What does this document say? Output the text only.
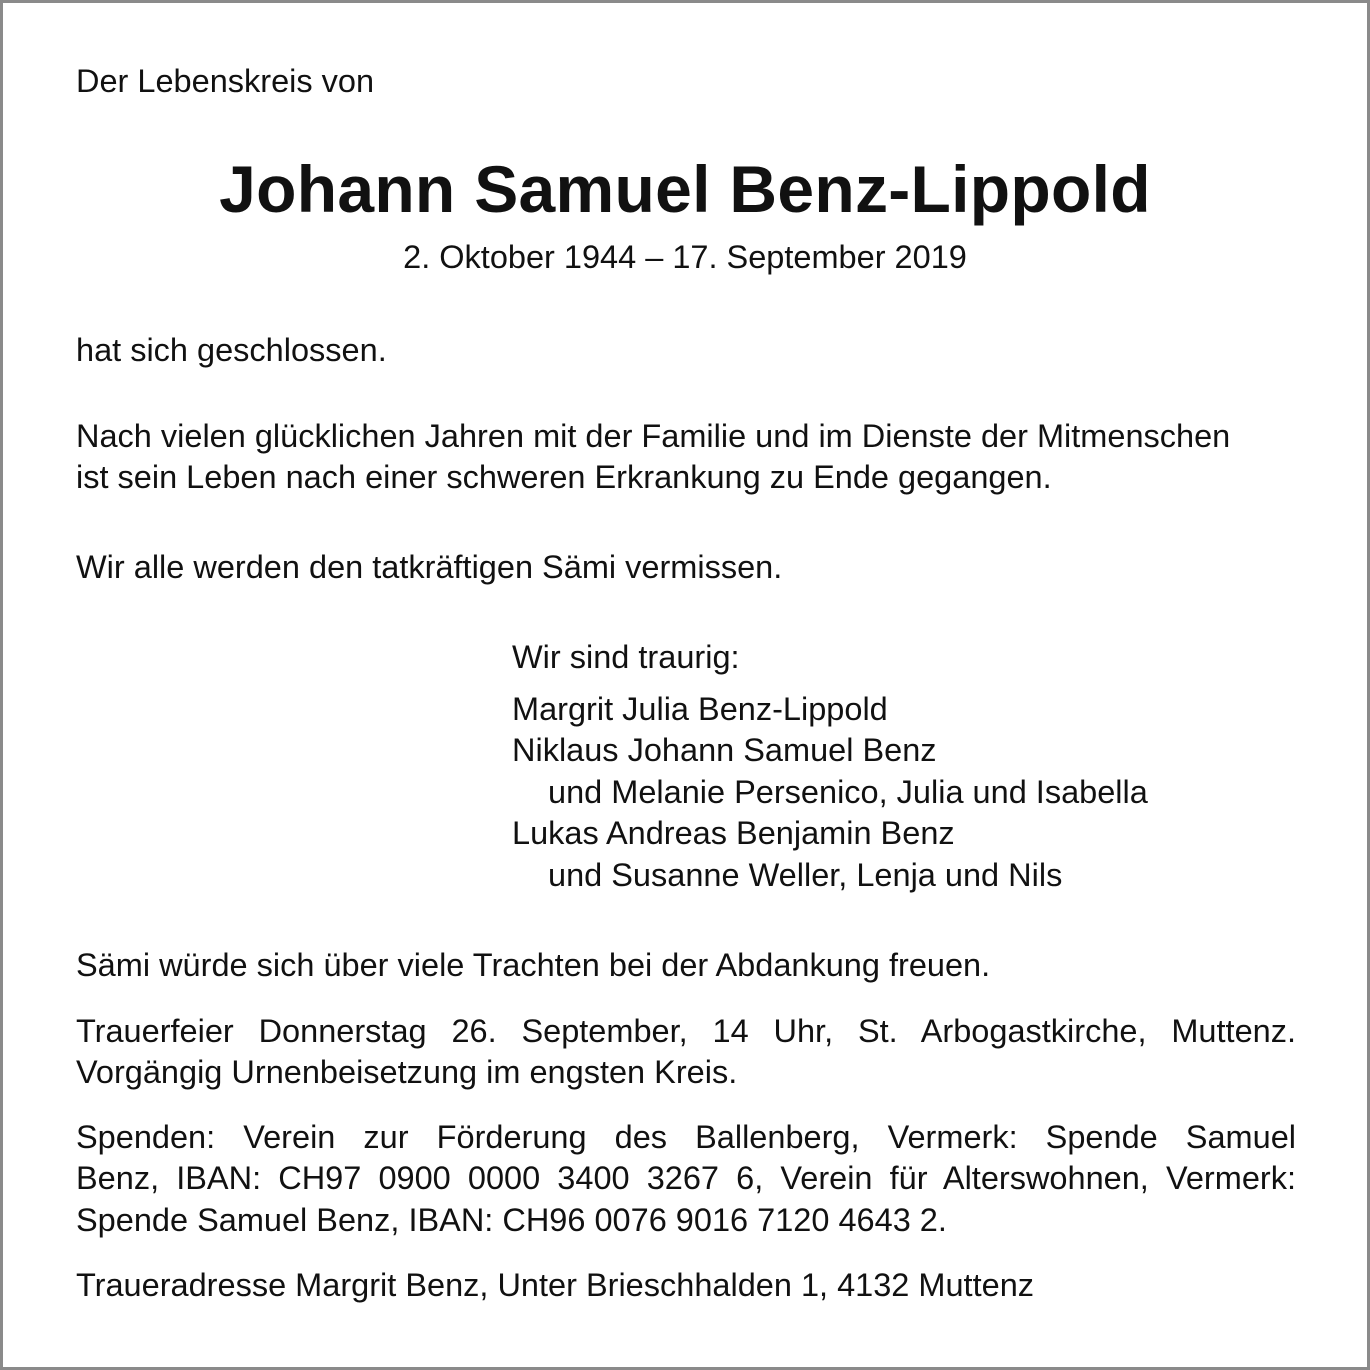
Der Lebenskreis von
Johann Samuel Benz-Lippold
2. Oktober 1944 – 17. September 2019
hat sich geschlossen.
Nach vielen glücklichen Jahren mit der Familie und im Dienste der Mitmenschen
ist sein Leben nach einer schweren Erkrankung zu Ende gegangen.
Wir alle werden den tatkräftigen Sämi vermissen.
Wir sind traurig:
Margrit Julia Benz-Lippold
Niklaus Johann Samuel Benz
und Melanie Persenico, Julia und Isabella
Lukas Andreas Benjamin Benz
und Susanne Weller, Lenja und Nils
Sämi würde sich über viele Trachten bei der Abdankung freuen.
Trauerfeier Donnerstag 26. September, 14 Uhr, St. Arbogastkirche, Muttenz.
Vorgängig Urnenbeisetzung im engsten Kreis.
Spenden: Verein zur Förderung des Ballenberg, Vermerk: Spende Samuel
Benz, IBAN: CH97 0900 0000 3400 3267 6, Verein für Alterswohnen, Vermerk:
Spende Samuel Benz, IBAN: CH96 0076 9016 7120 4643 2.
Traueradresse Margrit Benz, Unter Brieschhalden 1, 4132 Muttenz
